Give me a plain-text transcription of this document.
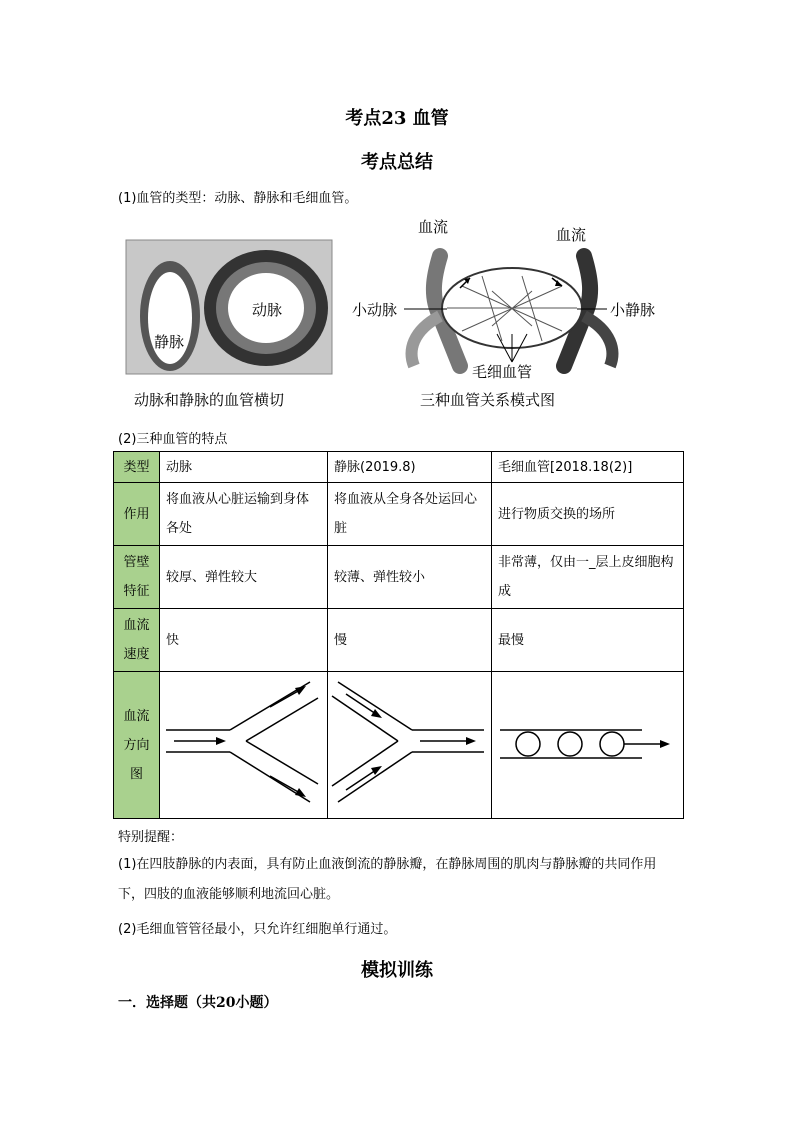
考点23 血管
考点总结
(1)血管的类型：动脉、静脉和毛细血管。
动脉
静脉
动脉和静脉的血管横切
血流	血流
小动脉	小静脉
毛细血管
三种血管关系模式图
(2)三种血管的特点
类型	动脉	静脉(2019.8)	毛细血管[2018.18(2)]
作用	将血液从心脏运输到身体各处	将血液从全身各处运回心脏	进行物质交换的场所
管壁特征	较厚、弹性较大	较薄、弹性较小	非常薄，仅由一_层上皮细胞构成
血流速度	快	慢	最慢
血流方向图	

特别提醒：
(1)在四肢静脉的内表面，具有防止血液倒流的静脉瓣，在静脉周围的肌肉与静脉瓣的共同作用下，四肢的血液能够顺利地流回心脏。
(2)毛细血管管径最小，只允许红细胞单行通过。
模拟训练
一．选择题（共20小题）
